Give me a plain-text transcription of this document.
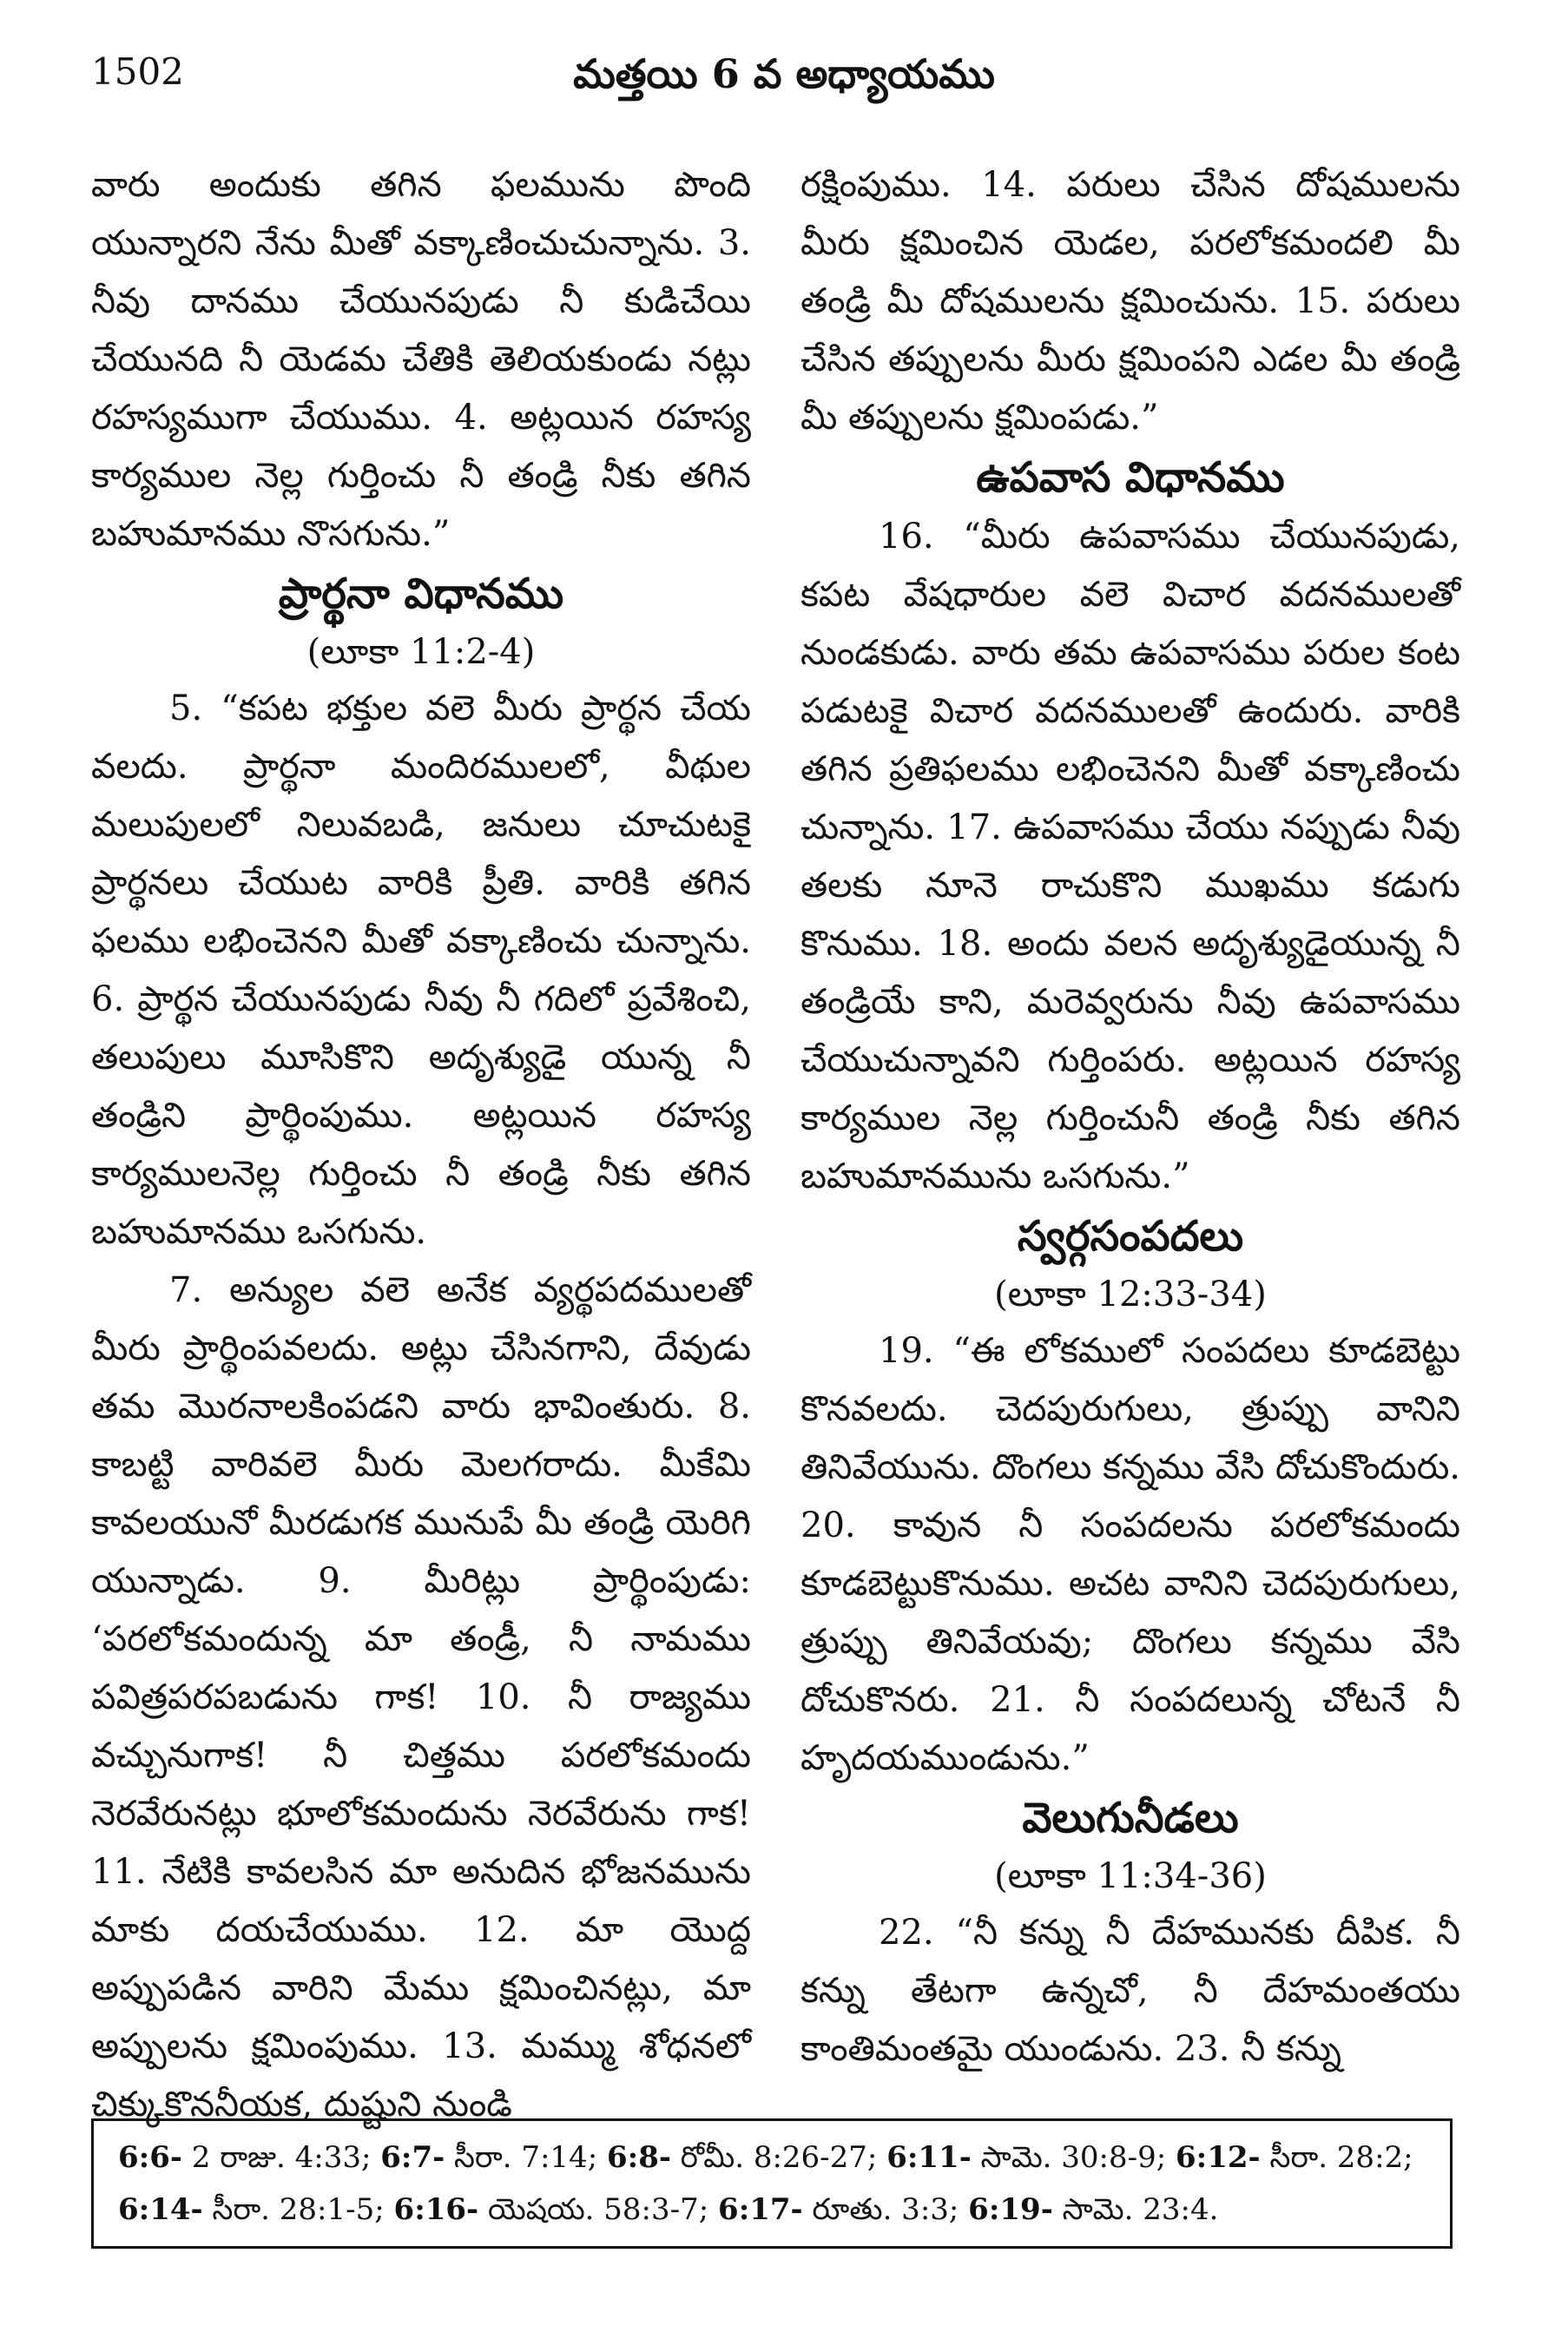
1502	మత్తయి 6 వ అధ్యాయము

వారు అందుకు తగిన ఫలమును పొంది యున్నారని నేను మీతో వక్కాణించుచున్నాను. 3. నీవు దానము చేయునపుడు నీ కుడిచేయి చేయునది నీ యెడమ చేతికి తెలియకుండు నట్లు రహస్యముగా చేయుము. 4. అట్లయిన రహస్య కార్యముల నెల్ల గుర్తించు నీ తండ్రి నీకు తగిన బహుమానము నొసగును.”

ప్రార్థనా విధానము

(లూకా 11:2-4)

5. “కపట భక్తుల వలె మీరు ప్రార్థన చేయ వలదు. ప్రార్థనా మందిరములలో, వీథుల మలుపులలో నిలువబడి, జనులు చూచుటకై ప్రార్థనలు చేయుట వారికి ప్రీతి. వారికి తగిన ఫలము లభించెనని మీతో వక్కాణించు చున్నాను. 6. ప్రార్థన చేయునపుడు నీవు నీ గదిలో ప్రవేశించి, తలుపులు మూసికొని అదృశ్యుడై యున్న నీ తండ్రిని ప్రార్థింపుము. అట్లయిన రహస్య కార్యములనెల్ల గుర్తించు నీ తండ్రి నీకు తగిన బహుమానము ఒసగును.

7. అన్యుల వలె అనేక వ్యర్థపదములతో మీరు ప్రార్థింపవలదు. అట్లు చేసినగాని, దేవుడు తమ మొరనాలకింపడని వారు భావింతురు. 8. కాబట్టి వారివలె మీరు మెలగరాదు. మీకేమి కావలయునో మీరడుగక మునుపే మీ తండ్రి యెరిగి యున్నాడు. 9. మీరిట్లు ప్రార్థింపుడు: ‘పరలోకమందున్న మా తండ్రీ, నీ నామము పవిత్రపరపబడును గాక! 10. నీ రాజ్యము వచ్చునుగాక! నీ చిత్తము పరలోకమందు నెరవేరునట్లు భూలోకమందును నెరవేరును గాక! 11. నేటికి కావలసిన మా అనుదిన భోజనమును మాకు దయచేయుము. 12. మా యొద్ద అప్పుపడిన వారిని మేము క్షమించినట్లు, మా అప్పులను క్షమింపుము. 13. మమ్ము శోధనలో చిక్కుకొననీయక, దుష్టుని నుండి

రక్షింపుము. 14. పరులు చేసిన దోషములను మీరు క్షమించిన యెడల, పరలోకమందలి మీ తండ్రి మీ దోషములను క్షమించును. 15. పరులు చేసిన తప్పులను మీరు క్షమింపని ఎడల మీ తండ్రి మీ తప్పులను క్షమింపడు.”

ఉపవాస విధానము

16. “మీరు ఉపవాసము చేయునపుడు, కపట వేషధారుల వలె విచార వదనములతో నుండకుడు. వారు తమ ఉపవాసము పరుల కంట పడుటకై విచార వదనములతో ఉందురు. వారికి తగిన ప్రతిఫలము లభించెనని మీతో వక్కాణించు చున్నాను. 17. ఉపవాసము చేయు నప్పుడు నీవు తలకు నూనె రాచుకొని ముఖము కడుగు కొనుము. 18. అందు వలన అదృశ్యుడైయున్న నీ తండ్రియే కాని, మరెవ్వరును నీవు ఉపవాసము చేయుచున్నావని గుర్తింపరు. అట్లయిన రహస్య కార్యముల నెల్ల గుర్తించునీ తండ్రి నీకు తగిన బహుమానమును ఒసగును.”

స్వర్గసంపదలు

(లూకా 12:33-34)

19. “ఈ లోకములో సంపదలు కూడబెట్టు కొనవలదు. చెదపురుగులు, త్రుప్పు వానిని తినివేయును. దొంగలు కన్నము వేసి దోచుకొందురు. 20. కావున నీ సంపదలను పరలోకమందు కూడబెట్టుకొనుము. అచట వానిని చెదపురుగులు, త్రుప్పు తినివేయవు; దొంగలు కన్నము వేసి దోచుకొనరు. 21. నీ సంపదలున్న చోటనే నీ హృదయముండును.”

వెలుగునీడలు

(లూకా 11:34-36)

22. “నీ కన్ను నీ దేహమునకు దీపిక. నీ కన్ను తేటగా ఉన్నచో, నీ దేహమంతయు కాంతిమంతమై యుండును. 23. నీ కన్ను

6:6- 2 రాజు. 4:33; 6:7- సీరా. 7:14; 6:8- రోమీ. 8:26-27; 6:11- సామె. 30:8-9; 6:12- సీరా. 28:2; 6:14- సీరా. 28:1-5; 6:16- యెషయ. 58:3-7; 6:17- రూతు. 3:3; 6:19- సామె. 23:4.
